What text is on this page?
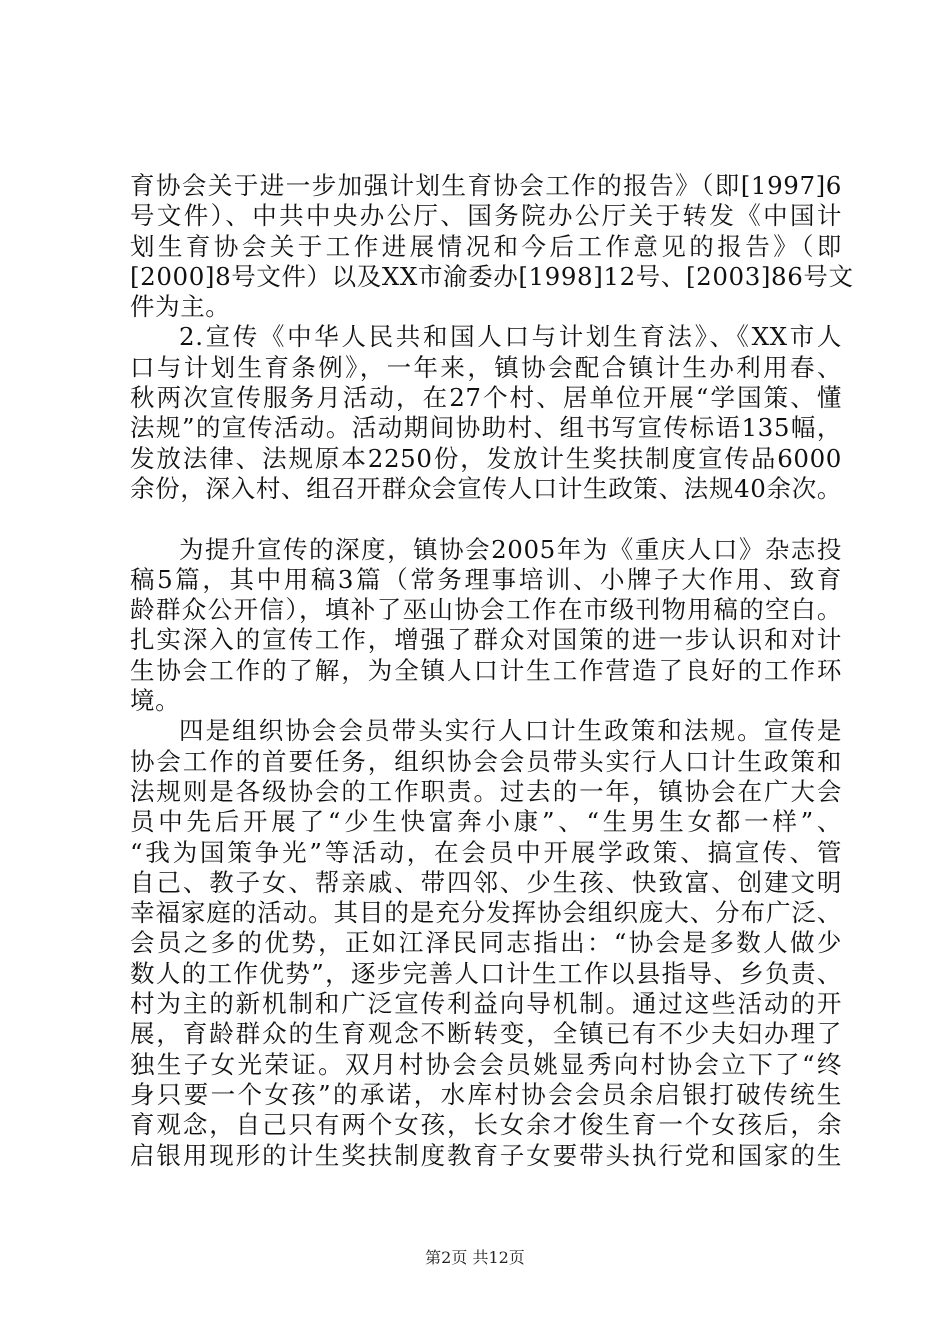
育协会关于进一步加强计划生育协会工作的报告》（即[1997]6
号文件）、中共中央办公厅、国务院办公厅关于转发《中国计
划生育协会关于工作进展情况和今后工作意见的报告》（即
[2000]8号文件）以及XX市渝委办[1998]12号、[2003]86号文
件为主。
2.宣传《中华人民共和国人口与计划生育法》、《XX市人
口与计划生育条例》，一年来，镇协会配合镇计生办利用春、
秋两次宣传服务月活动，在27个村、居单位开展“学国策、懂
法规”的宣传活动。活动期间协助村、组书写宣传标语135幅，
发放法律、法规原本2250份，发放计生奖扶制度宣传品6000
余份，深入村、组召开群众会宣传人口计生政策、法规40余次。
为提升宣传的深度，镇协会2005年为《重庆人口》杂志投
稿5篇，其中用稿3篇（常务理事培训、小牌子大作用、致育
龄群众公开信），填补了巫山协会工作在市级刊物用稿的空白。
扎实深入的宣传工作，增强了群众对国策的进一步认识和对计
生协会工作的了解，为全镇人口计生工作营造了良好的工作环
境。
四是组织协会会员带头实行人口计生政策和法规。宣传是
协会工作的首要任务，组织协会会员带头实行人口计生政策和
法规则是各级协会的工作职责。过去的一年，镇协会在广大会
员中先后开展了“少生快富奔小康”、“生男生女都一样”、
“我为国策争光”等活动，在会员中开展学政策、搞宣传、管
自己、教子女、帮亲戚、带四邻、少生孩、快致富、创建文明
幸福家庭的活动。其目的是充分发挥协会组织庞大、分布广泛、
会员之多的优势，正如江泽民同志指出：“协会是多数人做少
数人的工作优势”，逐步完善人口计生工作以县指导、乡负责、
村为主的新机制和广泛宣传利益向导机制。通过这些活动的开
展，育龄群众的生育观念不断转变，全镇已有不少夫妇办理了
独生子女光荣证。双月村协会会员姚显秀向村协会立下了“终
身只要一个女孩”的承诺，水库村协会会员余启银打破传统生
育观念，自己只有两个女孩，长女余才俊生育一个女孩后，余
启银用现形的计生奖扶制度教育子女要带头执行党和国家的生
第2页 共12页
